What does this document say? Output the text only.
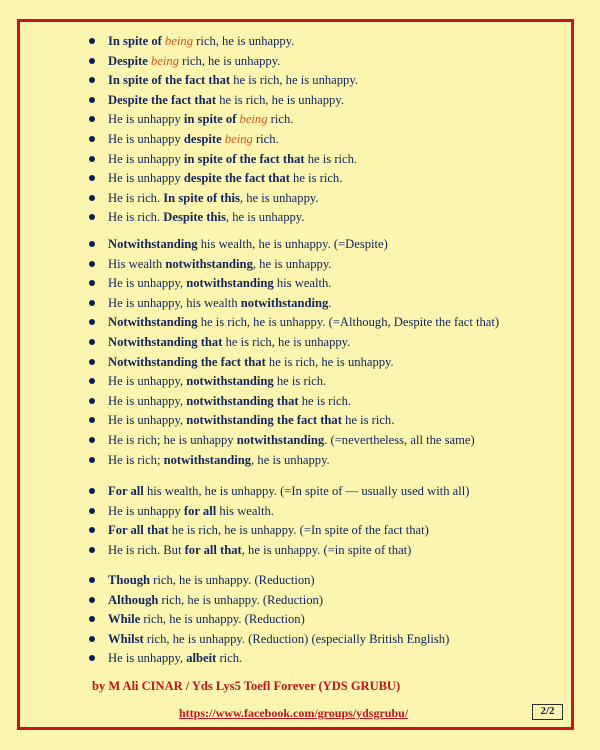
In spite of being rich, he is unhappy.
Despite being rich, he is unhappy.
In spite of the fact that he is rich, he is unhappy.
Despite the fact that he is rich, he is unhappy.
He is unhappy in spite of being rich.
He is unhappy despite being rich.
He is unhappy in spite of the fact that he is rich.
He is unhappy despite the fact that he is rich.
He is rich. In spite of this, he is unhappy.
He is rich. Despite this, he is unhappy.
Notwithstanding his wealth, he is unhappy. (=Despite)
His wealth notwithstanding, he is unhappy.
He is unhappy, notwithstanding his wealth.
He is unhappy, his wealth notwithstanding.
Notwithstanding he is rich, he is unhappy. (=Although, Despite the fact that)
Notwithstanding that he is rich, he is unhappy.
Notwithstanding the fact that he is rich, he is unhappy.
He is unhappy, notwithstanding he is rich.
He is unhappy, notwithstanding that he is rich.
He is unhappy, notwithstanding the fact that he is rich.
He is rich; he is unhappy notwithstanding. (=nevertheless, all the same)
He is rich; notwithstanding, he is unhappy.
For all his wealth, he is unhappy. (=In spite of — usually used with all)
He is unhappy for all his wealth.
For all that he is rich, he is unhappy. (=In spite of the fact that)
He is rich. But for all that, he is unhappy. (=in spite of that)
Though rich, he is unhappy. (Reduction)
Although rich, he is unhappy. (Reduction)
While rich, he is unhappy. (Reduction)
Whilst rich, he is unhappy. (Reduction) (especially British English)
He is unhappy, albeit rich.
by M Ali CINAR / Yds Lys5 Toefl Forever (YDS GRUBU)
https://www.facebook.com/groups/ydsgrubu/	2/2
